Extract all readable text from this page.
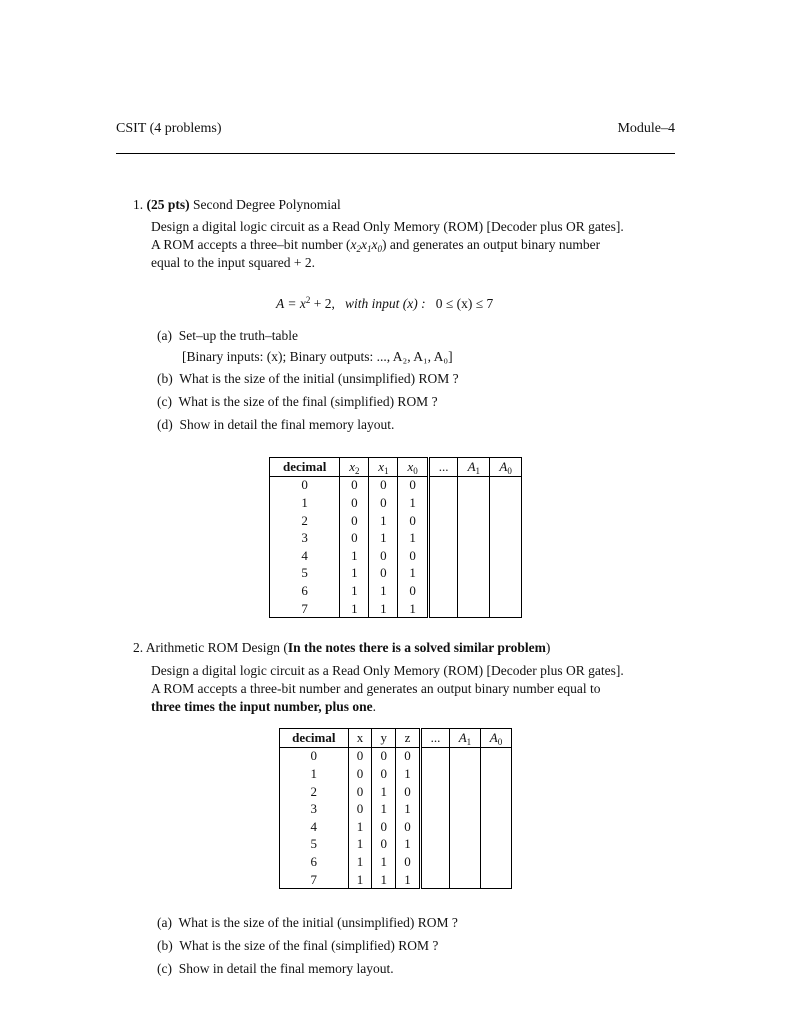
CSIT (4 problems)	Module–4
1. (25 pts) Second Degree Polynomial
Design a digital logic circuit as a Read Only Memory (ROM) [Decoder plus OR gates].
A ROM accepts a three–bit number $(x_2x_1x_0)$ and generates an output binary number
equal to the input squared + 2.
$A = x^2 + 2$, with input (x) : 0 ≤ (x) ≤ 7
(a) Set–up the truth–table
[Binary inputs: (x); Binary outputs: ..., A₂, A₁, A₀]
(b) What is the size of the initial (unsimplified) ROM ?
(c) What is the size of the final (simplified) ROM ?
(d) Show in detail the final memory layout.
decimal	$x_2$	$x_1$	$x_0$	...	$A_1$	$A_0$
0	0	0	0			
1	0	0	1			
2	0	1	0			
3	0	1	1			
4	1	0	0			
5	1	0	1			
6	1	1	0			
7	1	1	1			
2. Arithmetic ROM Design (In the notes there is a solved similar problem)
Design a digital logic circuit as a Read Only Memory (ROM) [Decoder plus OR gates].
A ROM accepts a three-bit number and generates an output binary number equal to
three times the input number, plus one.
decimal	x	y	z	...	$A_1$	$A_0$
0	0	0	0			
1	0	0	1			
2	0	1	0			
3	0	1	1			
4	1	0	0			
5	1	0	1			
6	1	1	0			
7	1	1	1			
(a) What is the size of the initial (unsimplified) ROM ?
(b) What is the size of the final (simplified) ROM ?
(c) Show in detail the final memory layout.
